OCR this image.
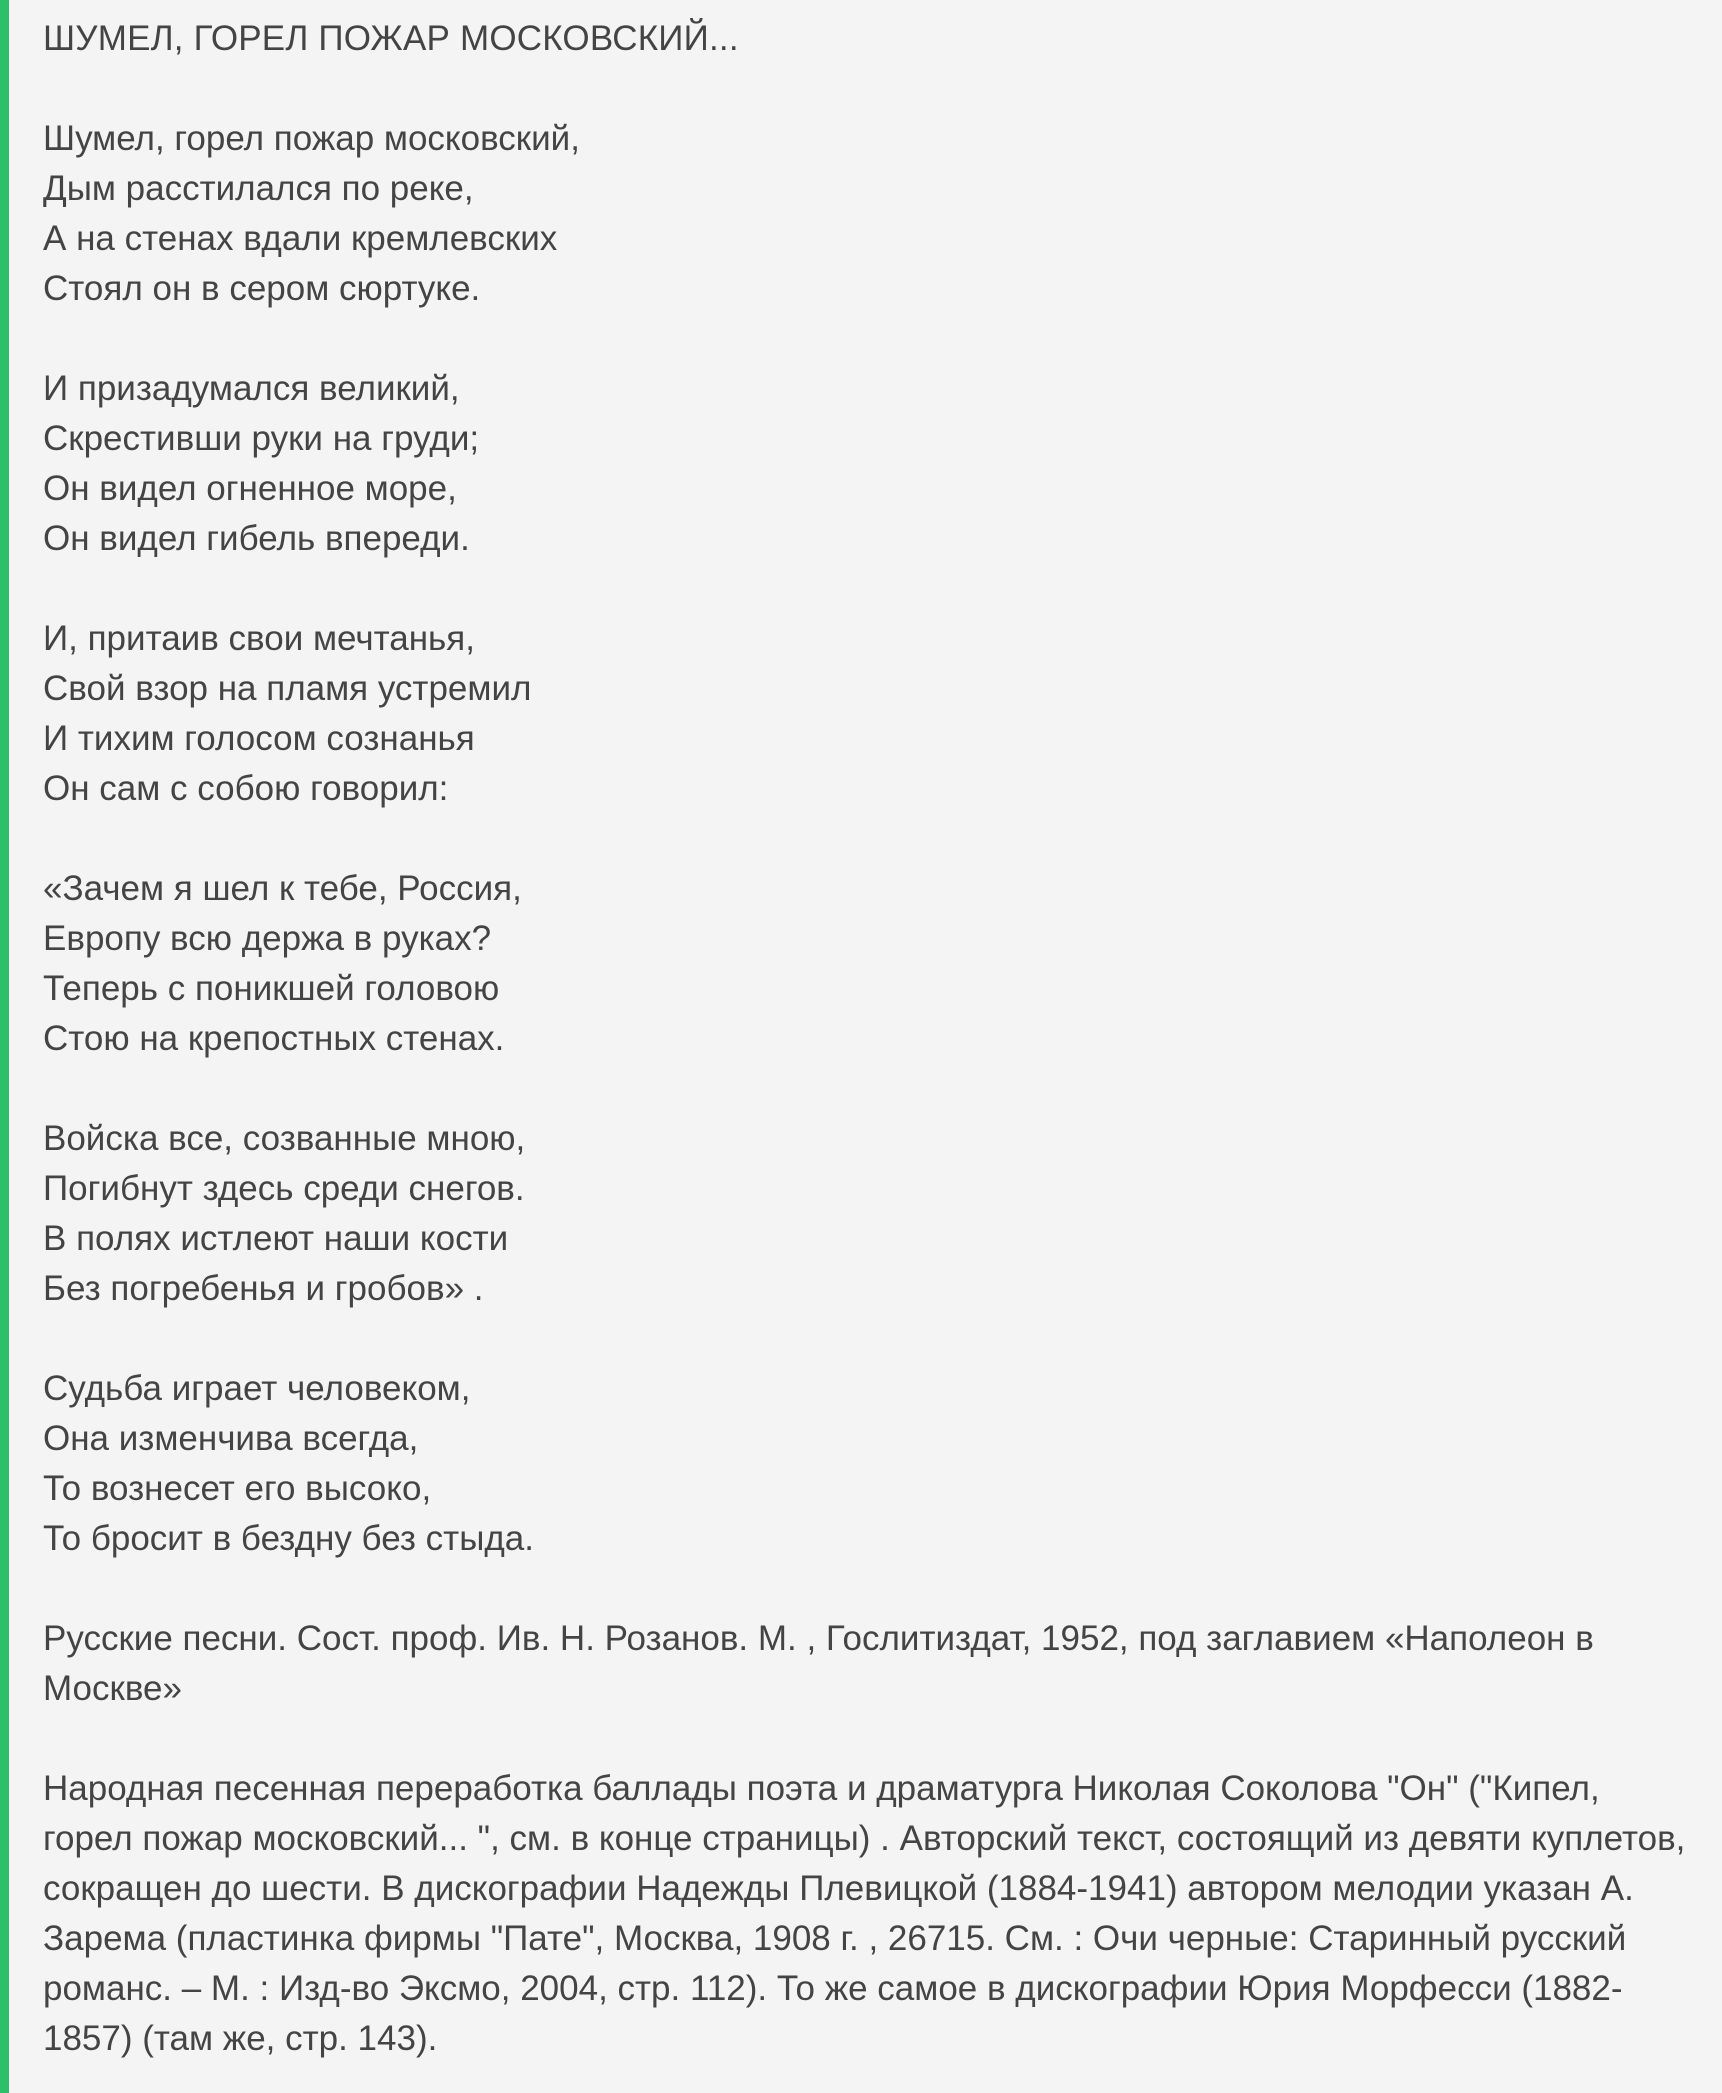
ШУМЕЛ, ГОРЕЛ ПОЖАР МОСКОВСКИЙ...
Шумел, горел пожар московский,
Дым расстилался по реке,
А на стенах вдали кремлевских
Стоял он в сером сюртуке.
И призадумался великий,
Скрестивши руки на груди;
Он видел огненное море,
Он видел гибель впереди.
И, притаив свои мечтанья,
Свой взор на пламя устремил
И тихим голосом сознанья
Он сам с собою говорил:
«Зачем я шел к тебе, Россия,
Европу всю держа в руках?
Теперь с поникшей головою
Стою на крепостных стенах.
Войска все, созванные мною,
Погибнут здесь среди снегов.
В полях истлеют наши кости
Без погребенья и гробов» .
Судьба играет человеком,
Она изменчива всегда,
То вознесет его высоко,
То бросит в бездну без стыда.
Русские песни. Сост. проф. Ив. Н. Розанов. М. , Гослитиздат, 1952, под заглавием «Наполеон в Москве»
Народная песенная переработка баллады поэта и драматурга Николая Соколова "Он" ("Кипел, горел пожар московский... ", см. в конце страницы) . Авторский текст, состоящий из девяти куплетов, сокращен до шести. В дискографии Надежды Плевицкой (1884-1941) автором мелодии указан А. Зарема (пластинка фирмы "Пате", Москва, 1908 г. , 26715. См. : Очи черные: Старинный русский романс. – М. : Изд-во Эксмо, 2004, стр. 112). То же самое в дискографии Юрия Морфесси (1882-1857) (там же, стр. 143).
